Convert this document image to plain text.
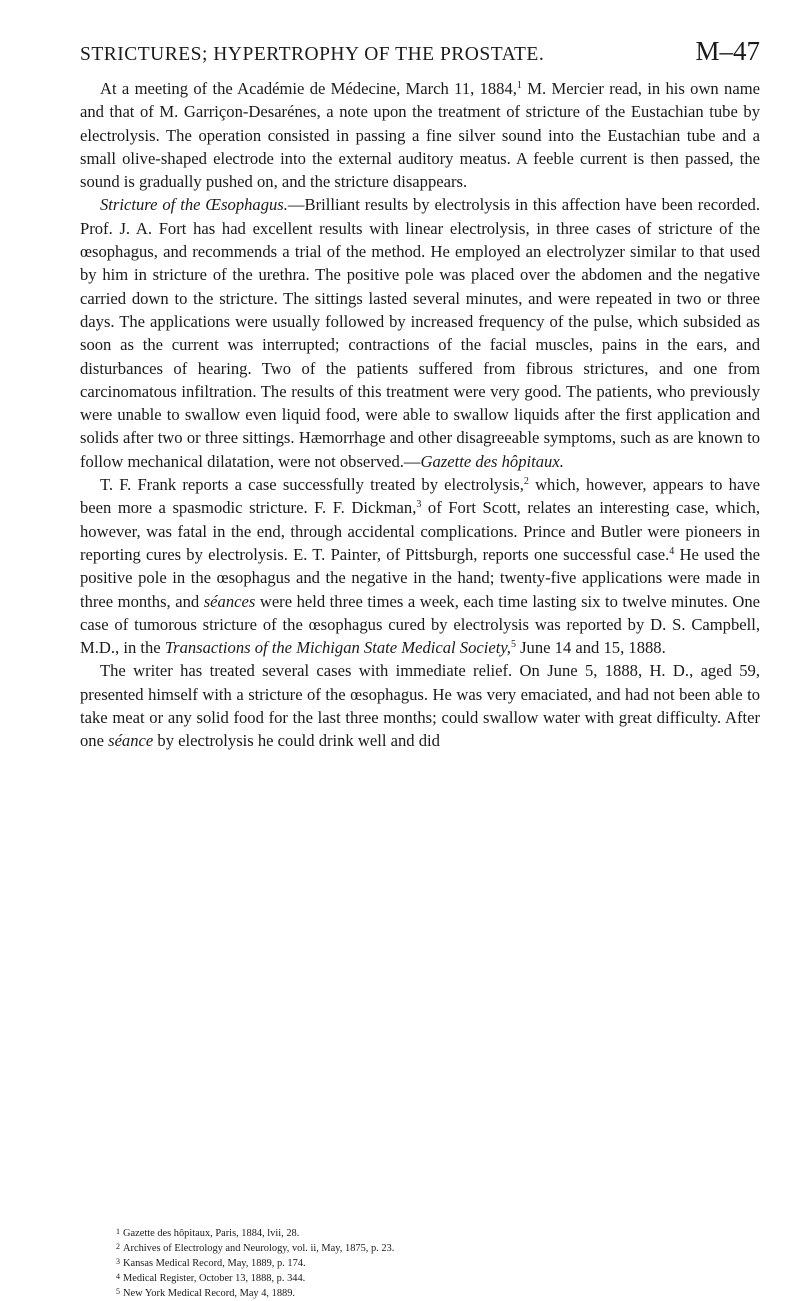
STRICTURES; HYPERTROPHY OF THE PROSTATE.	M–47

At a meeting of the Académie de Médecine, March 11, 1884,$^1$ M. Mercier read, in his own name and that of M. Garriçon-Desarénes, a note upon the treatment of stricture of the Eustachian tube by electrolysis. The operation consisted in passing a fine silver sound into the Eustachian tube and a small olive-shaped electrode into the external auditory meatus. A feeble current is then passed, the sound is gradually pushed on, and the stricture disappears.

Stricture of the Œsophagus.—Brilliant results by electrolysis in this affection have been recorded. Prof. J. A. Fort has had excellent results with linear electrolysis, in three cases of stricture of the œsophagus, and recommends a trial of the method. He employed an electrolyzer similar to that used by him in stricture of the urethra. The positive pole was placed over the abdomen and the negative carried down to the stricture. The sittings lasted several minutes, and were repeated in two or three days. The applications were usually followed by increased frequency of the pulse, which subsided as soon as the current was interrupted; contractions of the facial muscles, pains in the ears, and disturbances of hearing. Two of the patients suffered from fibrous strictures, and one from carcinomatous infiltration. The results of this treatment were very good. The patients, who previously were unable to swallow even liquid food, were able to swallow liquids after the first application and solids after two or three sittings. Hæmorrhage and other disagreeable symptoms, such as are known to follow mechanical dilatation, were not observed.—Gazette des hôpitaux.

T. F. Frank reports a case successfully treated by electrolysis,$^2$ which, however, appears to have been more a spasmodic stricture. F. F. Dickman,$^3$ of Fort Scott, relates an interesting case, which, however, was fatal in the end, through accidental complications. Prince and Butler were pioneers in reporting cures by electrolysis. E. T. Painter, of Pittsburgh, reports one successful case.$^4$ He used the positive pole in the œsophagus and the negative in the hand; twenty-five applications were made in three months, and séances were held three times a week, each time lasting six to twelve minutes. One case of tumorous stricture of the œsophagus cured by electrolysis was reported by D. S. Campbell, M.D., in the Transactions of the Michigan State Medical Society,$^5$ June 14 and 15, 1888.

The writer has treated several cases with immediate relief. On June 5, 1888, H. D., aged 59, presented himself with a stricture of the œsophagus. He was very emaciated, and had not been able to take meat or any solid food for the last three months; could swallow water with great difficulty. After one séance by electrolysis he could drink well and did

1 Gazette des hôpitaux, Paris, 1884, lvii, 28.
2 Archives of Electrology and Neurology, vol. ii, May, 1875, p. 23.
3 Kansas Medical Record, May, 1889, p. 174.
4 Medical Register, October 13, 1888, p. 344.
5 New York Medical Record, May 4, 1889.
